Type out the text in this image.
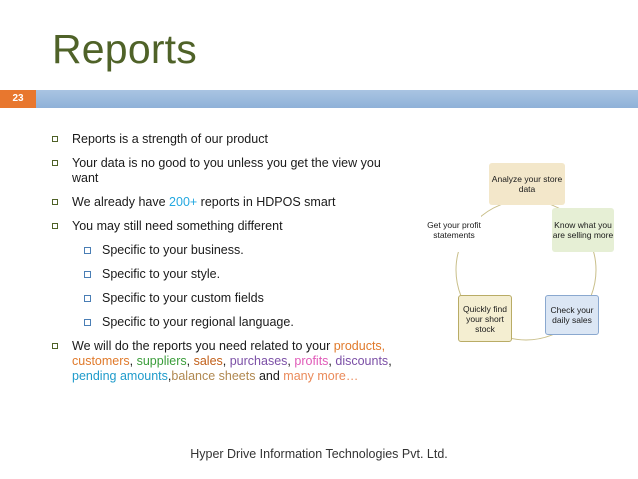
Reports
23
Reports is a strength of our product
Your data is no good to you unless you get the view you want
We already have 200+ reports in HDPOS smart
You may still need something different
Specific to your business.
Specific to your style.
Specific to your custom fields
Specific to your regional language.
We will do the reports you need related to your products,
customers, suppliers, sales, purchases, profits, discounts,
pending amounts,balance sheets and many more…
Analyze your store data
Know what you are selling more
Check your daily sales
Quickly find your short stock
Get your profit statements
Hyper Drive Information Technologies Pvt. Ltd.
